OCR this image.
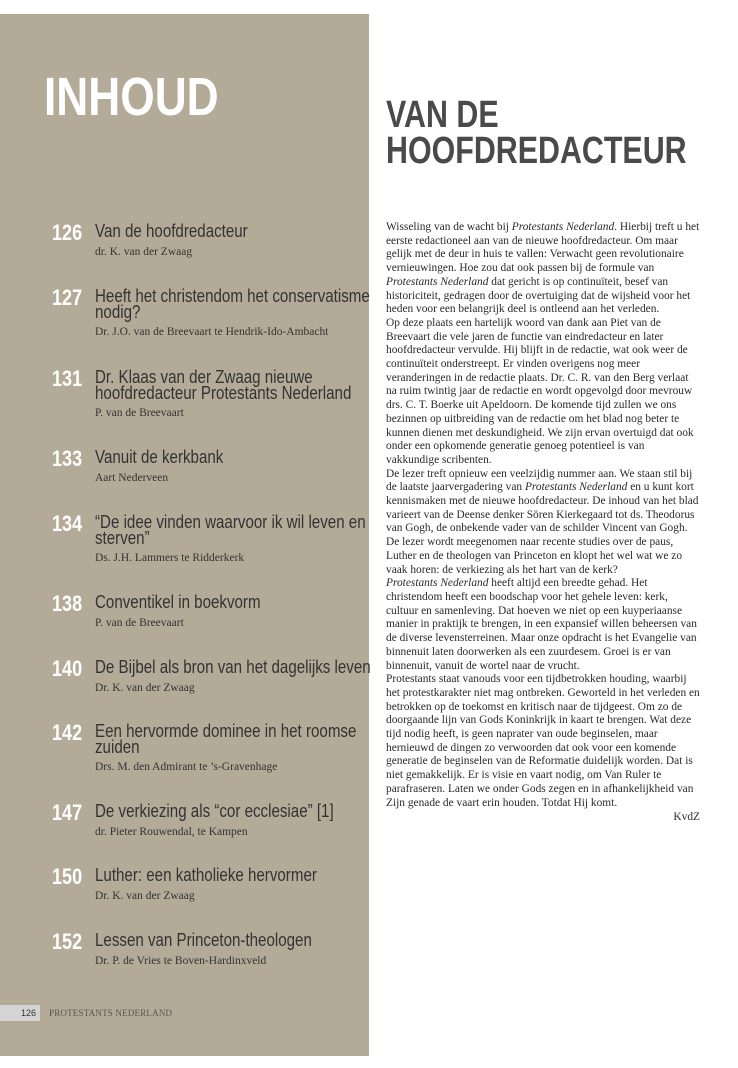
INHOUD
126 Van de hoofdredacteur
dr. K. van der Zwaag
127 Heeft het christendom het conservatisme nodig?
Dr. J.O. van de Breevaart te Hendrik-Ido-Ambacht
131 Dr. Klaas van der Zwaag nieuwe hoofdredacteur Protestants Nederland
P. van de Breevaart
133 Vanuit de kerkbank
Aart Nederveen
134 “De idee vinden waarvoor ik wil leven en sterven”
Ds. J.H. Lammers te Ridderkerk
138 Conventikel in boekvorm
P. van de Breevaart
140 De Bijbel als bron van het dagelijks leven
Dr. K. van der Zwaag
142 Een hervormde dominee in het roomse zuiden
Drs. M. den Admirant te ’s-Gravenhage
147 De verkiezing als “cor ecclesiae” [1]
dr. Pieter Rouwendal, te Kampen
150 Luther: een katholieke hervormer
Dr. K. van der Zwaag
152 Lessen van Princeton-theologen
Dr. P. de Vries te Boven-Hardinxveld
126	PROTESTANTS NEDERLAND
VAN DE
HOOFDREDACTEUR

Wisseling van de wacht bij Protestants Nederland. Hierbij treft u het eerste redactioneel aan van de nieuwe hoofdredacteur. Om maar gelijk met de deur in huis te vallen: Verwacht geen revolutionaire vernieuwingen. Hoe zou dat ook passen bij de formule van Protestants Nederland dat gericht is op continuïteit, besef van historiciteit, gedragen door de overtuiging dat de wijsheid voor het heden voor een belangrijk deel is ontleend aan het verleden.

Op deze plaats een hartelijk woord van dank aan Piet van de Breevaart die vele jaren de functie van eindredacteur en later hoofdredacteur vervulde. Hij blijft in de redactie, wat ook weer de continuïteit onderstreept. Er vinden overigens nog meer veranderingen in de redactie plaats. Dr. C. R. van den Berg verlaat na ruim twintig jaar de redactie en wordt opgevolgd door mevrouw drs. C. T. Boerke uit Apeldoorn. De komende tijd zullen we ons bezinnen op uitbreiding van de redactie om het blad nog beter te kunnen dienen met deskundigheid. We zijn ervan overtuigd dat ook onder een opkomende generatie genoeg potentieel is van vakkundige scribenten.

De lezer treft opnieuw een veelzijdig nummer aan. We staan stil bij de laatste jaarvergadering van Protestants Nederland en u kunt kort kennismaken met de nieuwe hoofdredacteur. De inhoud van het blad varieert van de Deense denker Sören Kierkegaard tot ds. Theodorus van Gogh, de onbekende vader van de schilder Vincent van Gogh. De lezer wordt meegenomen naar recente studies over de paus, Luther en de theologen van Princeton en klopt het wel wat we zo vaak horen: de verkiezing als het hart van de kerk?

Protestants Nederland heeft altijd een breedte gehad. Het christendom heeft een boodschap voor het gehele leven: kerk, cultuur en samenleving. Dat hoeven we niet op een kuyperiaanse manier in praktijk te brengen, in een expansief willen beheersen van de diverse levensterreinen. Maar onze opdracht is het Evangelie van binnenuit laten doorwerken als een zuurdesem. Groei is er van binnenuit, vanuit de wortel naar de vrucht.

Protestants staat vanouds voor een tijdbetrokken houding, waarbij het protestkarakter niet mag ontbreken. Geworteld in het verleden en betrokken op de toekomst en kritisch naar de tijdgeest. Om zo de doorgaande lijn van Gods Koninkrijk in kaart te brengen. Wat deze tijd nodig heeft, is geen naprater van oude beginselen, maar hernieuwd de dingen zo verwoorden dat ook voor een komende generatie de beginselen van de Reformatie duidelijk worden. Dat is niet gemakkelijk. Er is visie en vaart nodig, om Van Ruler te parafraseren. Laten we onder Gods zegen en in afhankelijkheid van Zijn genade de vaart erin houden. Totdat Hij komt.

KvdZ
